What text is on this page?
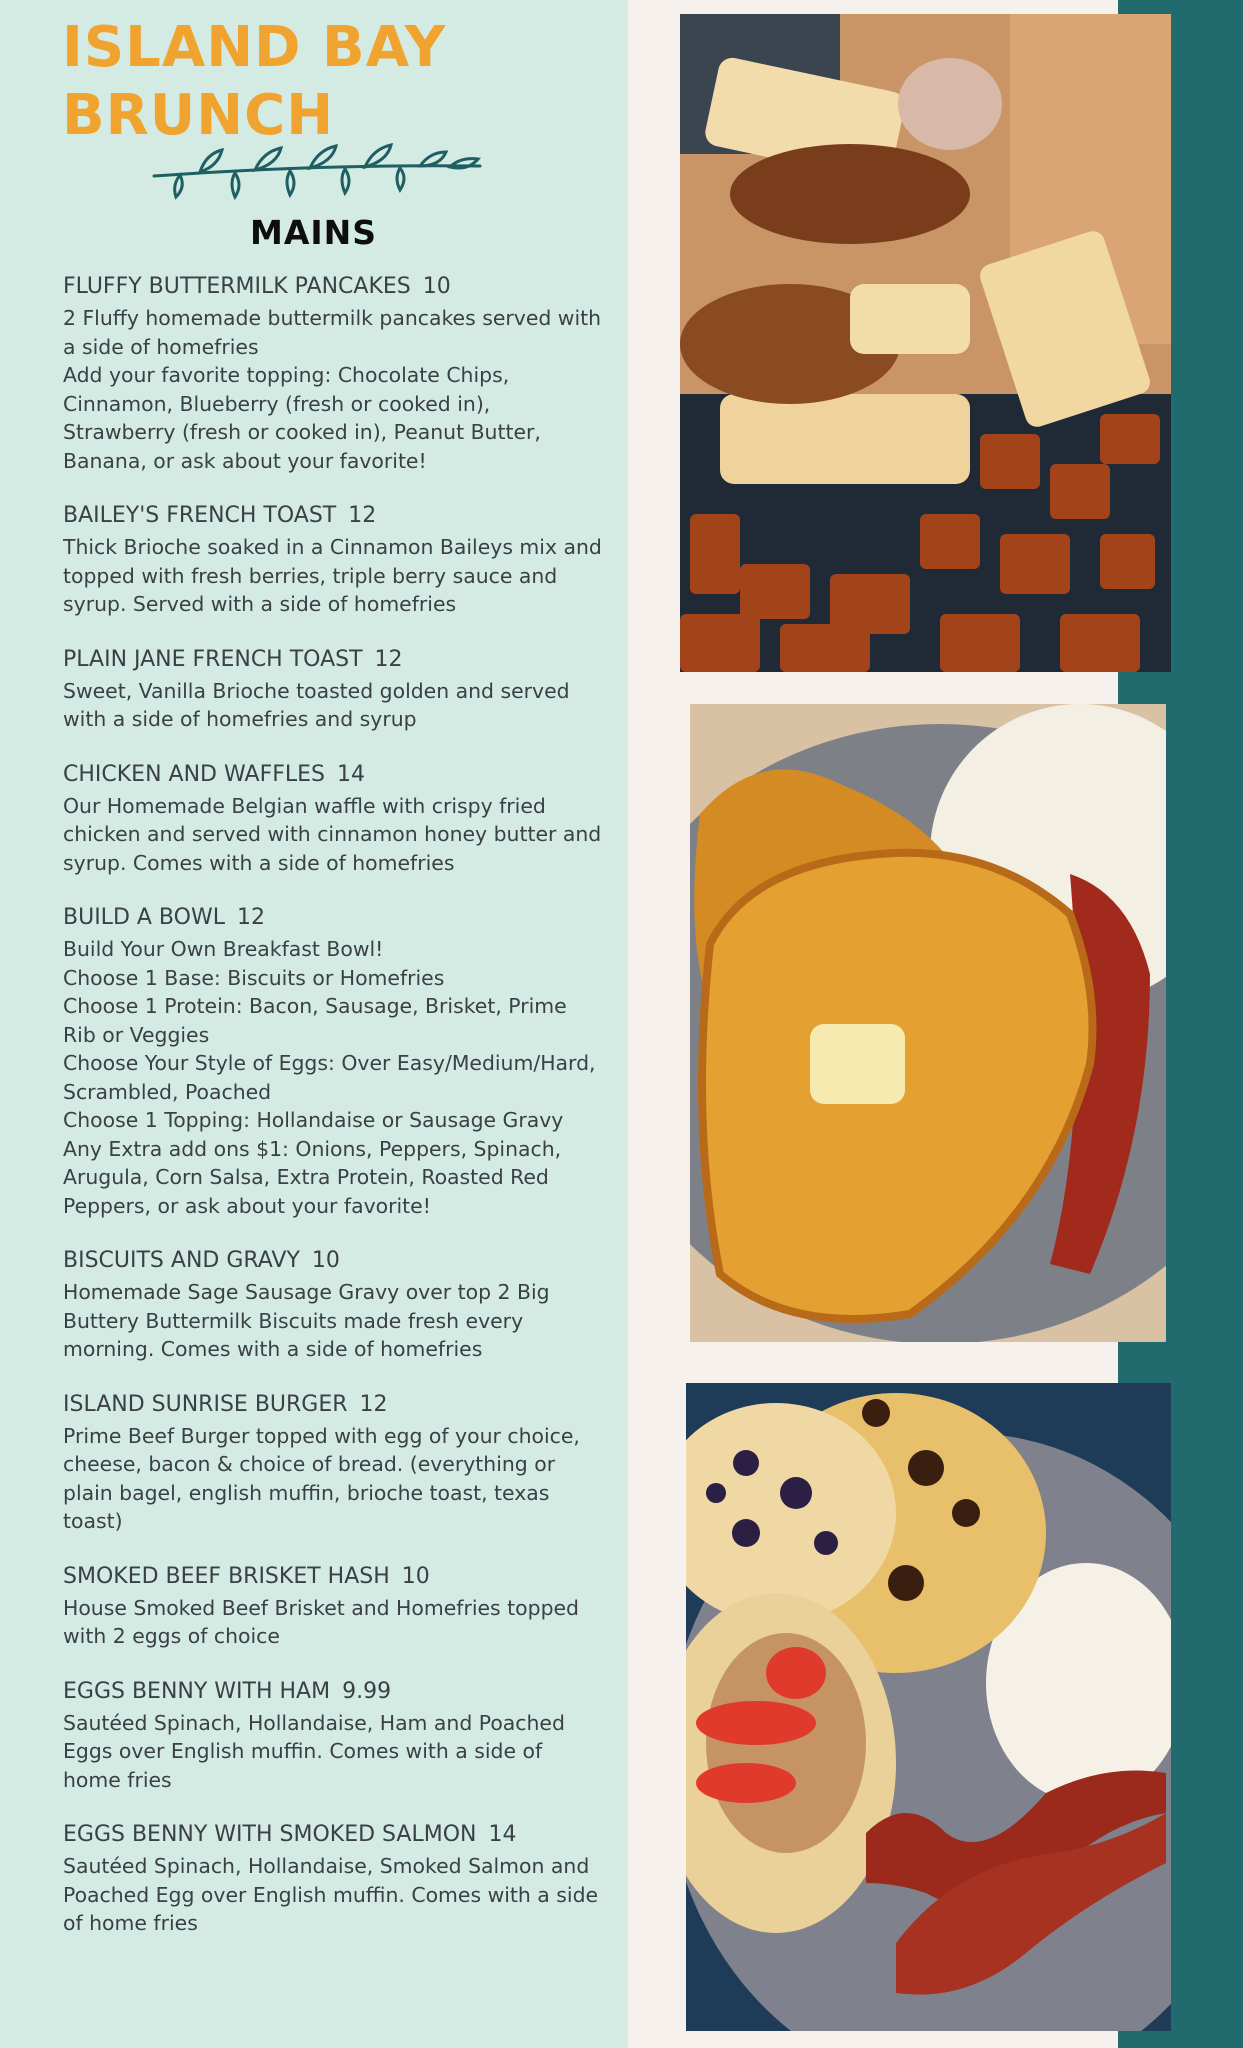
ISLAND BAY BRUNCH
MAINS
FLUFFY BUTTERMILK PANCAKES 10
2 Fluffy homemade buttermilk pancakes served with a side of homefries
Add your favorite topping: Chocolate Chips, Cinnamon, Blueberry (fresh or cooked in), Strawberry (fresh or cooked in), Peanut Butter, Banana, or ask about your favorite!
BAILEY'S FRENCH TOAST 12
Thick Brioche soaked in a Cinnamon Baileys mix and topped with fresh berries, triple berry sauce and syrup. Served with a side of homefries
PLAIN JANE FRENCH TOAST 12
Sweet, Vanilla Brioche toasted golden and served with a side of homefries and syrup
CHICKEN AND WAFFLES 14
Our Homemade Belgian waffle with crispy fried chicken and served with cinnamon honey butter and syrup. Comes with a side of homefries
BUILD A BOWL 12
Build Your Own Breakfast Bowl!
Choose 1 Base: Biscuits or Homefries
Choose 1 Protein: Bacon, Sausage, Brisket, Prime Rib or Veggies
Choose Your Style of Eggs: Over Easy/Medium/Hard, Scrambled, Poached
Choose 1 Topping: Hollandaise or Sausage Gravy
Any Extra add ons $1: Onions, Peppers, Spinach, Arugula, Corn Salsa, Extra Protein, Roasted Red Peppers, or ask about your favorite!
BISCUITS AND GRAVY 10
Homemade Sage Sausage Gravy over top 2 Big Buttery Buttermilk Biscuits made fresh every morning. Comes with a side of homefries
ISLAND SUNRISE BURGER 12
Prime Beef Burger topped with egg of your choice, cheese, bacon & choice of bread. (everything or plain bagel, english muffin, brioche toast, texas toast)
SMOKED BEEF BRISKET HASH 10
House Smoked Beef Brisket and Homefries topped with 2 eggs of choice
EGGS BENNY WITH HAM 9.99
Sautéed Spinach, Hollandaise, Ham and Poached Eggs over English muffin. Comes with a side of home fries
EGGS BENNY WITH SMOKED SALMON 14
Sautéed Spinach, Hollandaise, Smoked Salmon and Poached Egg over English muffin. Comes with a side of home fries
